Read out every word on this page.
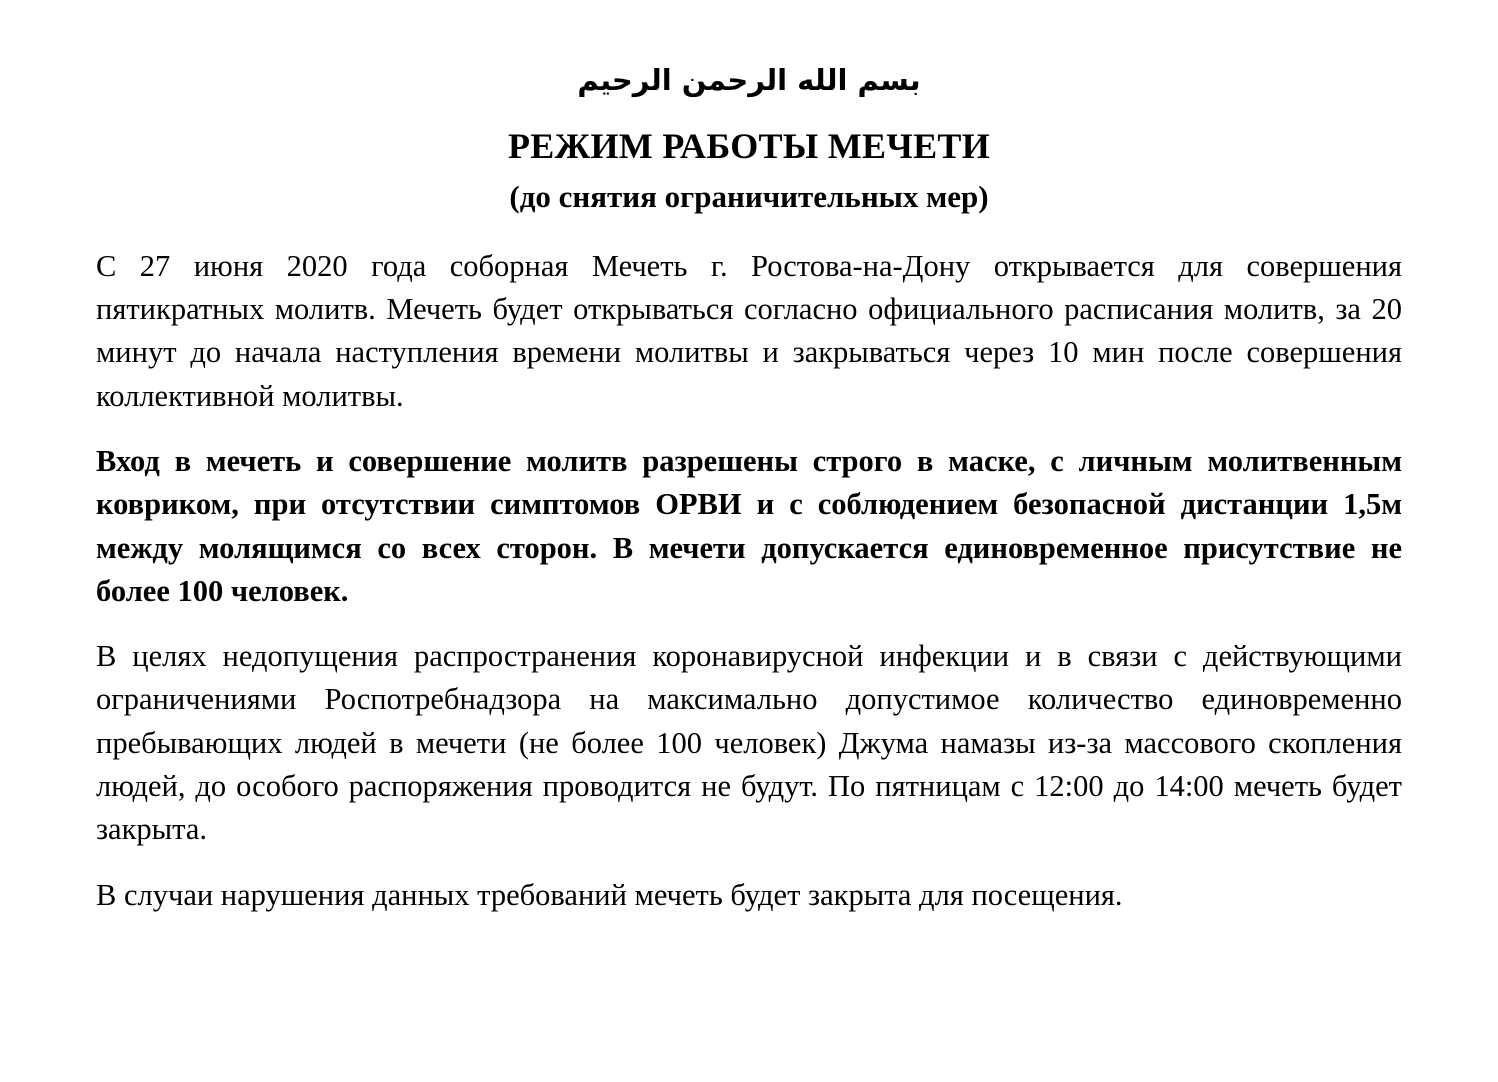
بسم الله الرحمن الرحيم
РЕЖИМ РАБОТЫ МЕЧЕТИ
(до снятия ограничительных мер)

С 27 июня 2020 года соборная Мечеть г. Ростова-на-Дону открывается для совершения пятикратных молитв. Мечеть будет открываться согласно официального расписания молитв, за 20 минут до начала наступления времени молитвы и закрываться через 10 мин после совершения коллективной молитвы.

Вход в мечеть и совершение молитв разрешены строго в маске, с личным молитвенным ковриком, при отсутствии симптомов ОРВИ и с соблюдением безопасной дистанции 1,5м между молящимся со всех сторон. В мечети допускается единовременное присутствие не более 100 человек.

В целях недопущения распространения коронавирусной инфекции и в связи с действующими ограничениями Роспотребнадзора на максимально допустимое количество единовременно пребывающих людей в мечети (не более 100 человек) Джума намазы из-за массового скопления людей, до особого распоряжения проводится не будут. По пятницам с 12:00 до 14:00 мечеть будет закрыта.

В случаи нарушения данных требований мечеть будет закрыта для посещения.
